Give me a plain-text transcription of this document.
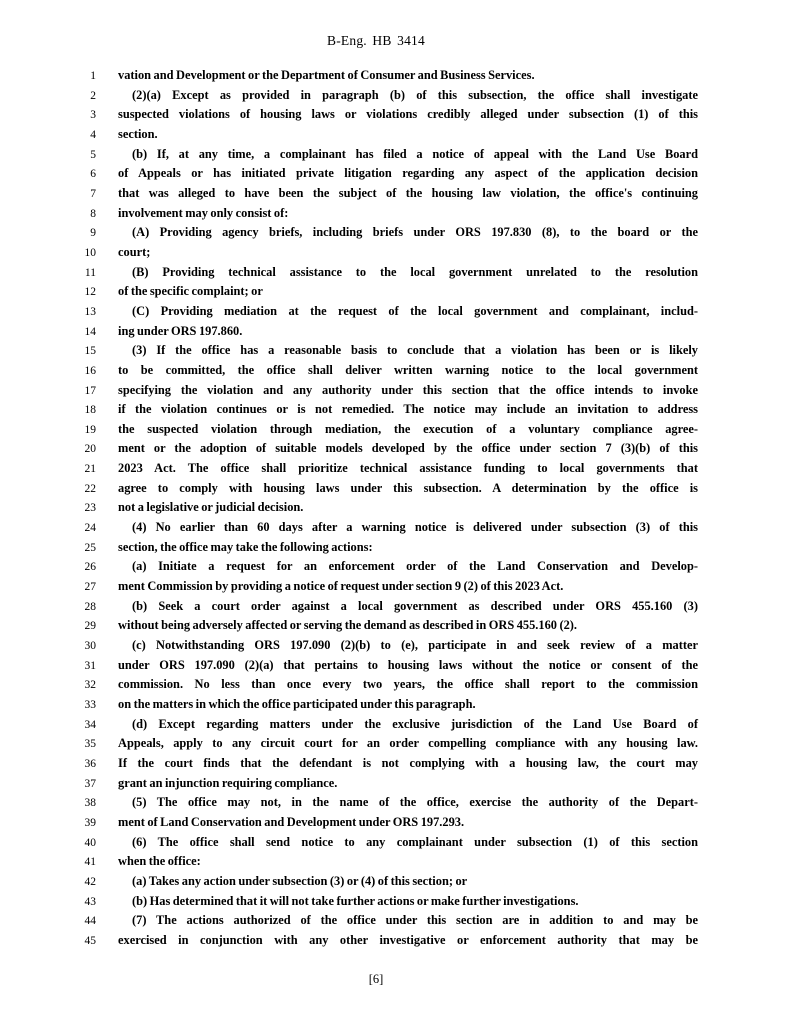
B-Eng. HB 3414
1 vation and Development or the Department of Consumer and Business Services.
2	(2)(a) Except as provided in paragraph (b) of this subsection, the office shall investigate
3 suspected violations of housing laws or violations credibly alleged under subsection (1) of this
4 section.
5	(b) If, at any time, a complainant has filed a notice of appeal with the Land Use Board
6 of Appeals or has initiated private litigation regarding any aspect of the application decision
7 that was alleged to have been the subject of the housing law violation, the office's continuing
8 involvement may only consist of:
9	(A) Providing agency briefs, including briefs under ORS 197.830 (8), to the board or the
10 court;
11	(B) Providing technical assistance to the local government unrelated to the resolution
12 of the specific complaint; or
13	(C) Providing mediation at the request of the local government and complainant, includ-
14 ing under ORS 197.860.
15	(3) If the office has a reasonable basis to conclude that a violation has been or is likely
16 to be committed, the office shall deliver written warning notice to the local government
17 specifying the violation and any authority under this section that the office intends to invoke
18 if the violation continues or is not remedied. The notice may include an invitation to address
19 the suspected violation through mediation, the execution of a voluntary compliance agree-
20 ment or the adoption of suitable models developed by the office under section 7 (3)(b) of this
21 2023 Act. The office shall prioritize technical assistance funding to local governments that
22 agree to comply with housing laws under this subsection. A determination by the office is
23 not a legislative or judicial decision.
24	(4) No earlier than 60 days after a warning notice is delivered under subsection (3) of this
25 section, the office may take the following actions:
26	(a) Initiate a request for an enforcement order of the Land Conservation and Develop-
27 ment Commission by providing a notice of request under section 9 (2) of this 2023 Act.
28	(b) Seek a court order against a local government as described under ORS 455.160 (3)
29 without being adversely affected or serving the demand as described in ORS 455.160 (2).
30	(c) Notwithstanding ORS 197.090 (2)(b) to (e), participate in and seek review of a matter
31 under ORS 197.090 (2)(a) that pertains to housing laws without the notice or consent of the
32 commission. No less than once every two years, the office shall report to the commission
33 on the matters in which the office participated under this paragraph.
34	(d) Except regarding matters under the exclusive jurisdiction of the Land Use Board of
35 Appeals, apply to any circuit court for an order compelling compliance with any housing law.
36 If the court finds that the defendant is not complying with a housing law, the court may
37 grant an injunction requiring compliance.
38	(5) The office may not, in the name of the office, exercise the authority of the Depart-
39 ment of Land Conservation and Development under ORS 197.293.
40	(6) The office shall send notice to any complainant under subsection (1) of this section
41 when the office:
42	(a) Takes any action under subsection (3) or (4) of this section; or
43	(b) Has determined that it will not take further actions or make further investigations.
44	(7) The actions authorized of the office under this section are in addition to and may be
45 exercised in conjunction with any other investigative or enforcement authority that may be
[6]
